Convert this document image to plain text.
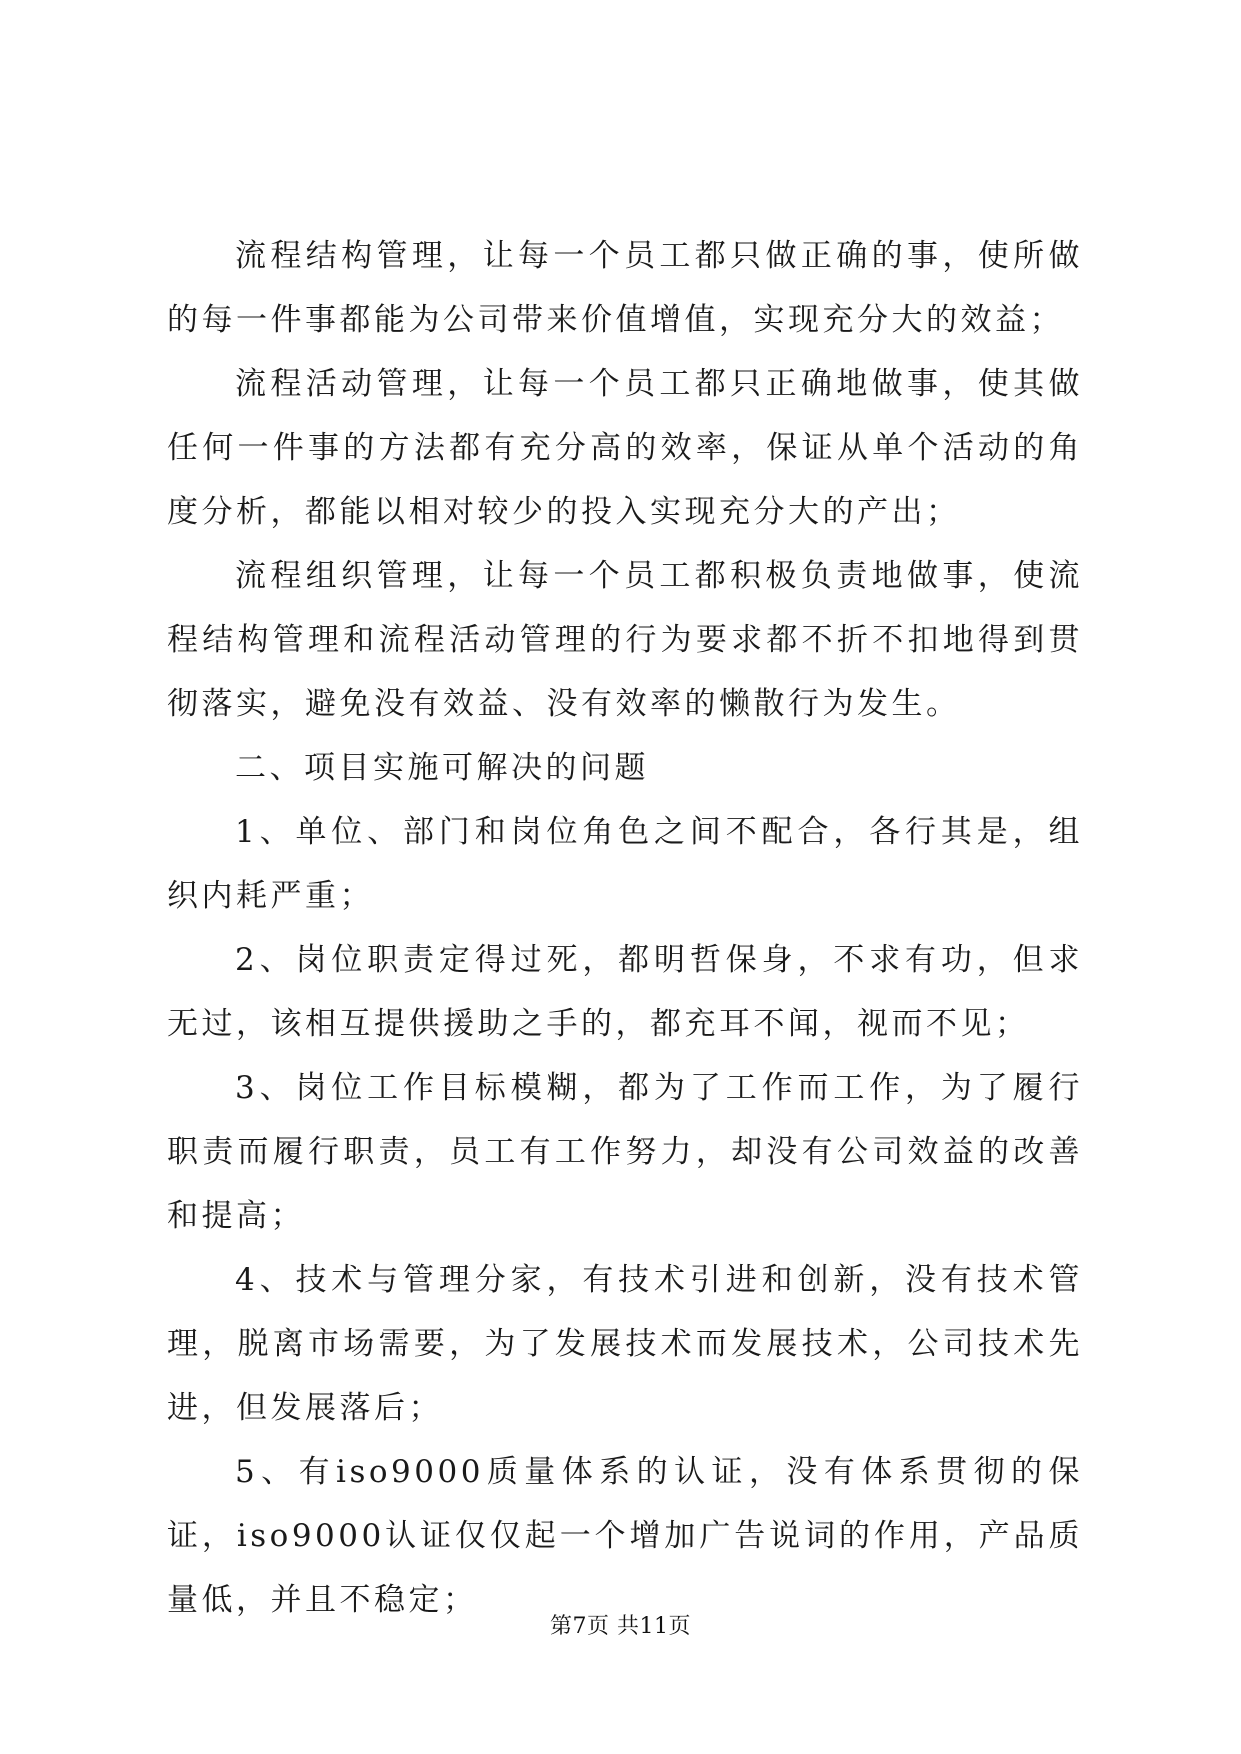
流程结构管理，让每一个员工都只做正确的事，使所做的每一件事都能为公司带来价值增值，实现充分大的效益；

流程活动管理，让每一个员工都只正确地做事，使其做任何一件事的方法都有充分高的效率，保证从单个活动的角度分析，都能以相对较少的投入实现充分大的产出；

流程组织管理，让每一个员工都积极负责地做事，使流程结构管理和流程活动管理的行为要求都不折不扣地得到贯彻落实，避免没有效益、没有效率的懒散行为发生。

二、项目实施可解决的问题

1、单位、部门和岗位角色之间不配合，各行其是，组织内耗严重；

2、岗位职责定得过死，都明哲保身，不求有功，但求无过，该相互提供援助之手的，都充耳不闻，视而不见；

3、岗位工作目标模糊，都为了工作而工作，为了履行职责而履行职责，员工有工作努力，却没有公司效益的改善和提高；

4、技术与管理分家，有技术引进和创新，没有技术管理，脱离市场需要，为了发展技术而发展技术，公司技术先进，但发展落后；

5、有iso9000质量体系的认证，没有体系贯彻的保证，iso9000认证仅仅起一个增加广告说词的作用，产品质量低，并且不稳定；

第7页 共11页
